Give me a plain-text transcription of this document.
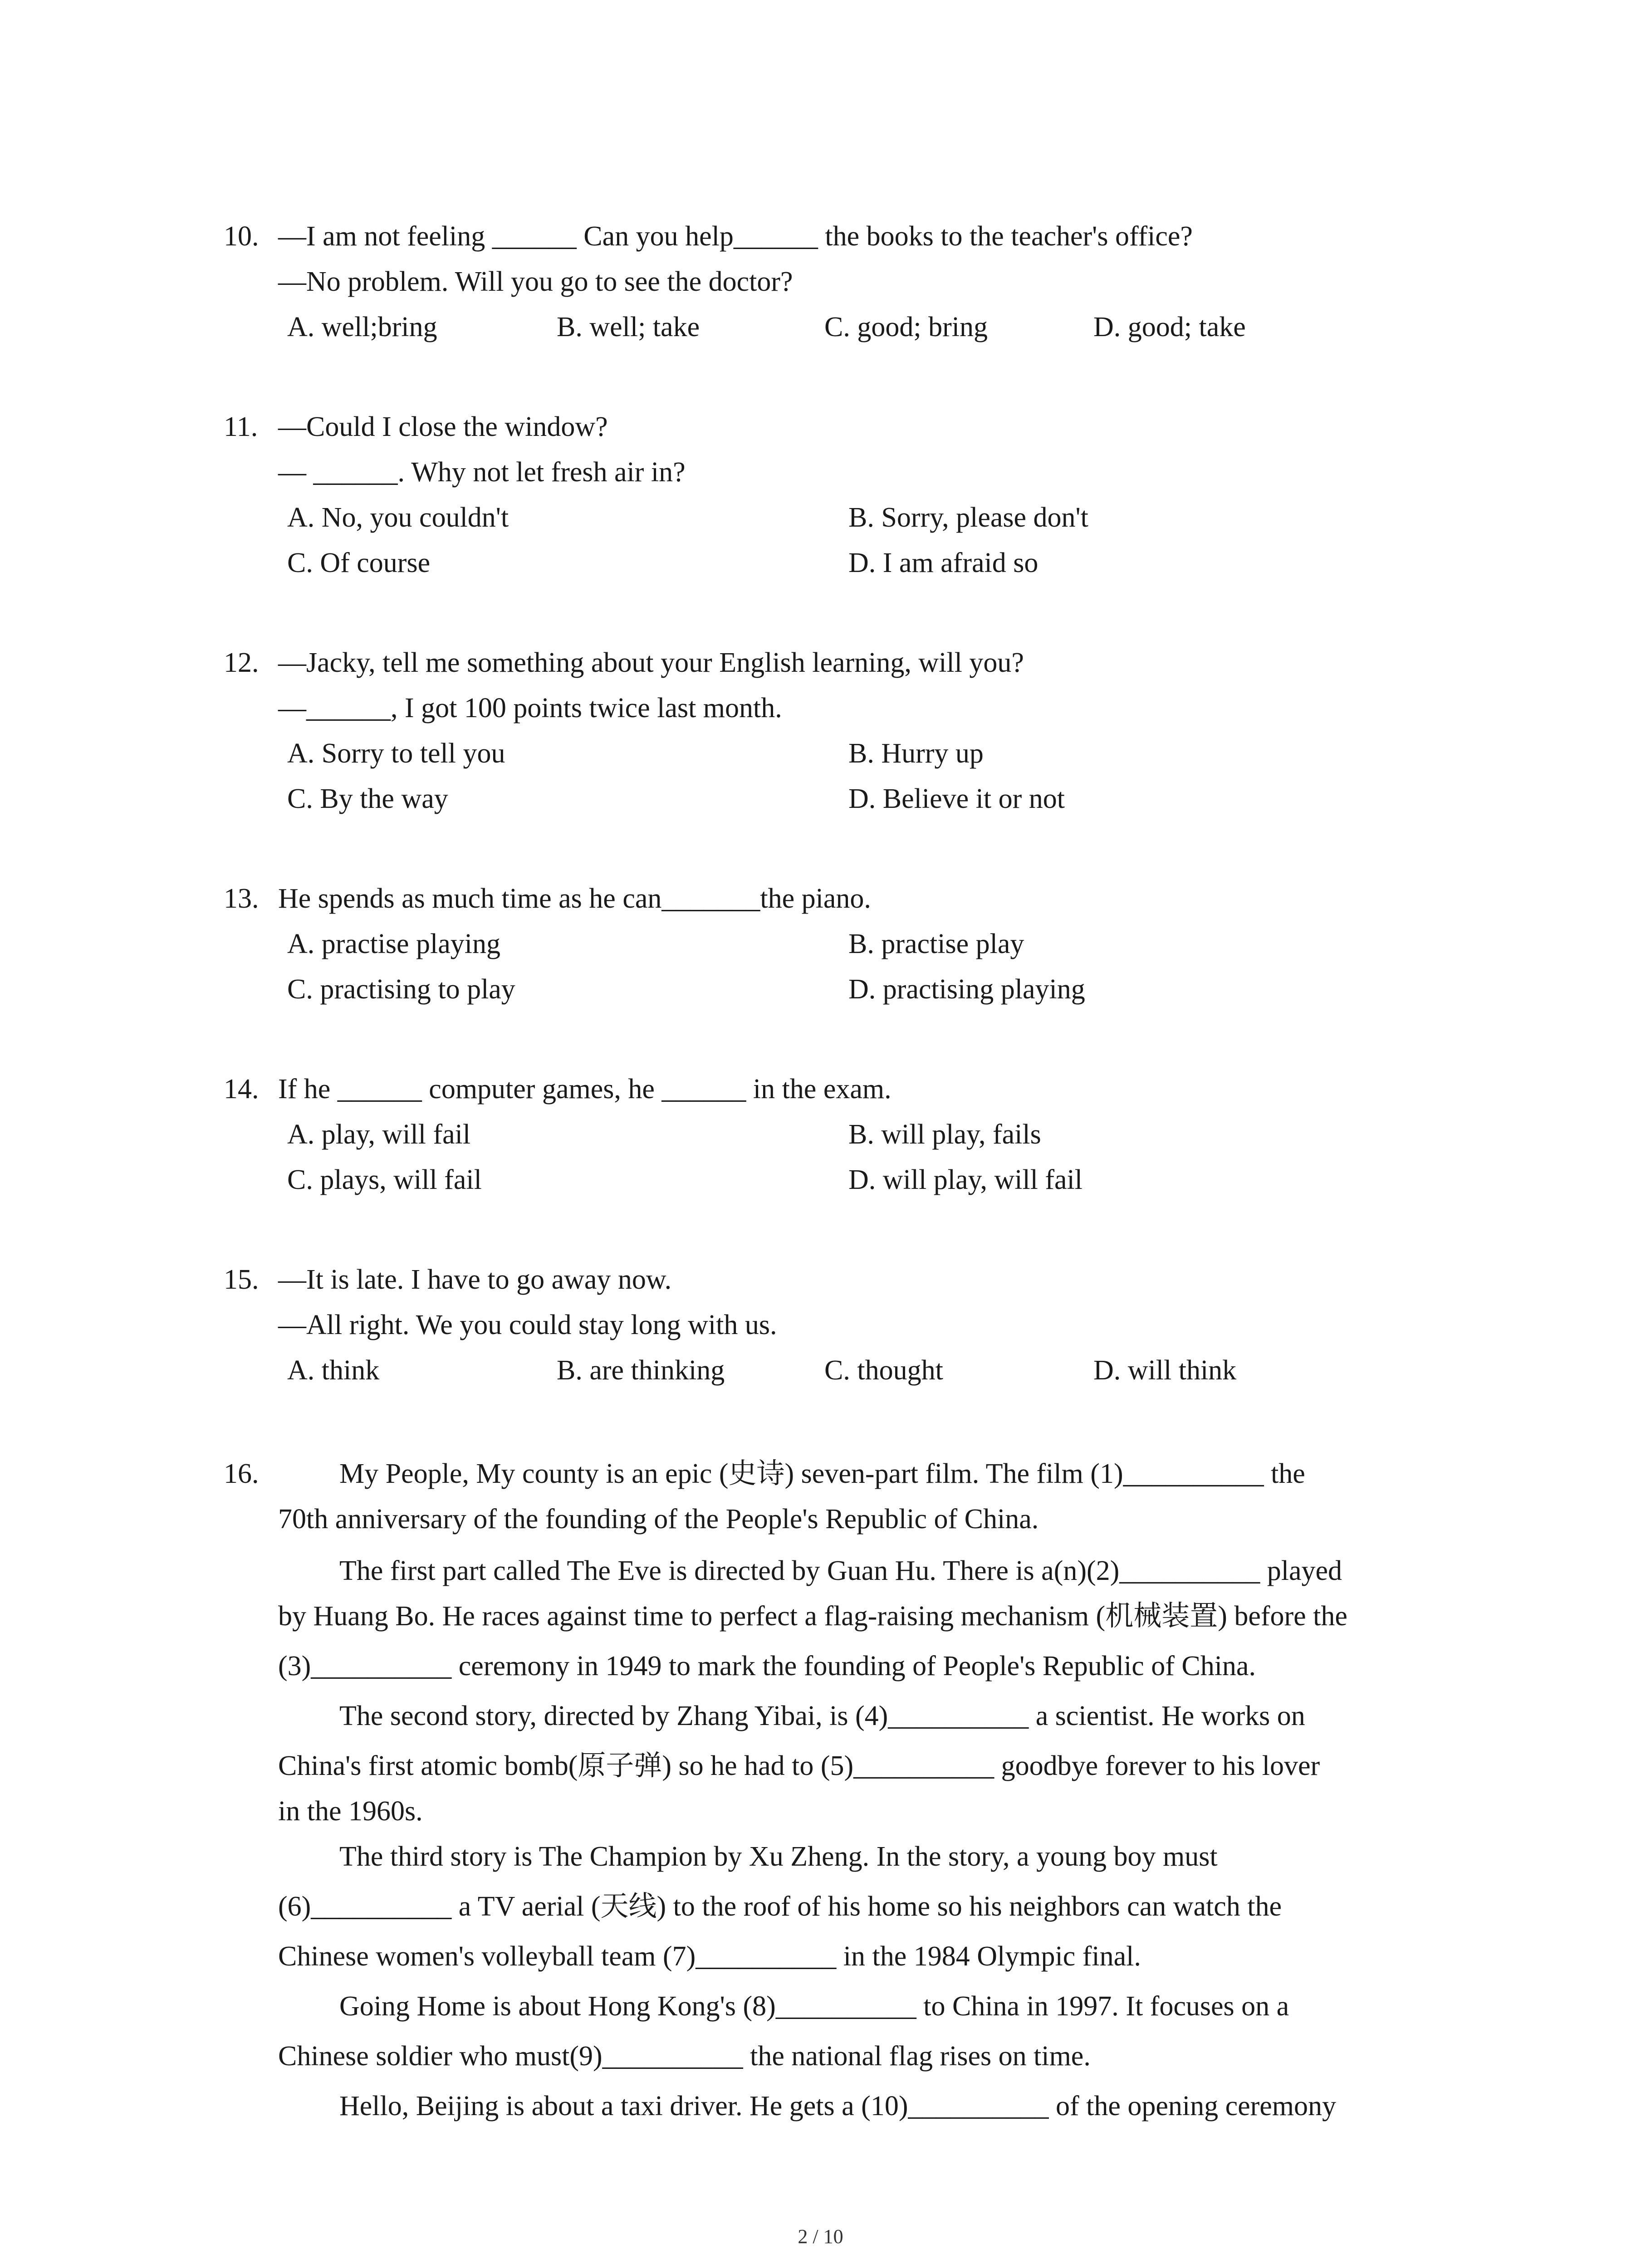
10. —I am not feeling ______ Can you help______ the books to the teacher's office?
—No problem. Will you go to see the doctor?
A. well;bring	B. well; take	C. good; bring	D. good; take
11. —Could I close the window?
— ______. Why not let fresh air in?
A. No, you couldn't	B. Sorry, please don't
C. Of course	D. I am afraid so
12. —Jacky, tell me something about your English learning, will you?
—______, I got 100 points twice last month.
A. Sorry to tell you	B. Hurry up
C. By the way	D. Believe it or not
13. He spends as much time as he can_______the piano.
A. practise playing	B. practise play
C. practising to play	D. practising playing
14. If he ______ computer games, he ______ in the exam.
A. play, will fail	B. will play, fails
C. plays, will fail	D. will play, will fail
15. —It is late. I have to go away now.
—All right. We you could stay long with us.
A. think	B. are thinking	C. thought	D. will think
16.	My People, My county is an epic (史诗) seven-part film. The film (1)__________ the
70th anniversary of the founding of the People's Republic of China.
The first part called The Eve is directed by Guan Hu. There is a(n)(2)__________ played
by Huang Bo. He races against time to perfect a flag-raising mechanism (机械装置) before the
(3)__________ ceremony in 1949 to mark the founding of People's Republic of China.
The second story, directed by Zhang Yibai, is (4)__________ a scientist. He works on
China's first atomic bomb(原子弹) so he had to (5)__________ goodbye forever to his lover
in the 1960s.
The third story is The Champion by Xu Zheng. In the story, a young boy must
(6)__________ a TV aerial (天线) to the roof of his home so his neighbors can watch the
Chinese women's volleyball team (7)__________ in the 1984 Olympic final.
Going Home is about Hong Kong's (8)__________ to China in 1997. It focuses on a
Chinese soldier who must(9)__________ the national flag rises on time.
Hello, Beijing is about a taxi driver. He gets a (10)__________ of the opening ceremony
2 / 10
